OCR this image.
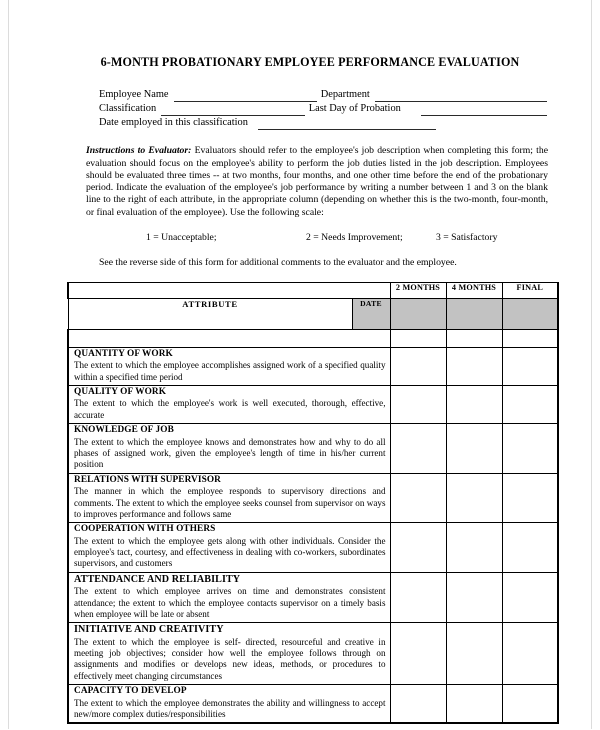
6-MONTH PROBATIONARY EMPLOYEE PERFORMANCE EVALUATION
Employee Name	Department
Classification	Last Day of Probation
Date employed in this classification
Instructions to Evaluator: Evaluators should refer to the employee's job description when completing this form; the evaluation should focus on the employee's ability to perform the job duties listed in the job description. Employees should be evaluated three times -- at two months, four months, and one other time before the end of the probationary period. Indicate the evaluation of the employee's job performance by writing a number between 1 and 3 on the blank line to the right of each attribute, in the appropriate column (depending on whether this is the two-month, four-month, or final evaluation of the employee). Use the following scale:
1 = Unacceptable;	2 = Needs Improvement;	3 = Satisfactory
See the reverse side of this form for additional comments to the evaluator and the employee.
		2 MONTHS	4 MONTHS	FINAL
ATTRIBUTE	DATE			

QUANTITY OF WORK
The extent to which the employee accomplishes assigned work of a specified quality within a specified time period				

QUALITY OF WORK
The extent to which the employee's work is well executed, thorough, effective, accurate				

KNOWLEDGE OF JOB
The extent to which the employee knows and demonstrates how and why to do all phases of assigned work, given the employee's length of time in his/her current position				

RELATIONS WITH SUPERVISOR
The manner in which the employee responds to supervisory directions and comments. The extent to which the employee seeks counsel from supervisor on ways to improves performance and follows same				

COOPERATION WITH OTHERS
The extent to which the employee gets along with other individuals. Consider the employee's tact, courtesy, and effectiveness in dealing with co-workers, subordinates supervisors, and customers				

ATTENDANCE AND RELIABILITY
The extent to which employee arrives on time and demonstrates consistent attendance; the extent to which the employee contacts supervisor on a timely basis when employee will be late or absent				

INITIATIVE AND CREATIVITY
The extent to which the employee is self- directed, resourceful and creative in meeting job objectives; consider how well the employee follows through on assignments and modifies or develops new ideas, methods, or procedures to effectively meet changing circumstances				

CAPACITY TO DEVELOP
The extent to which the employee demonstrates the ability and willingness to accept new/more complex duties/responsibilities				
